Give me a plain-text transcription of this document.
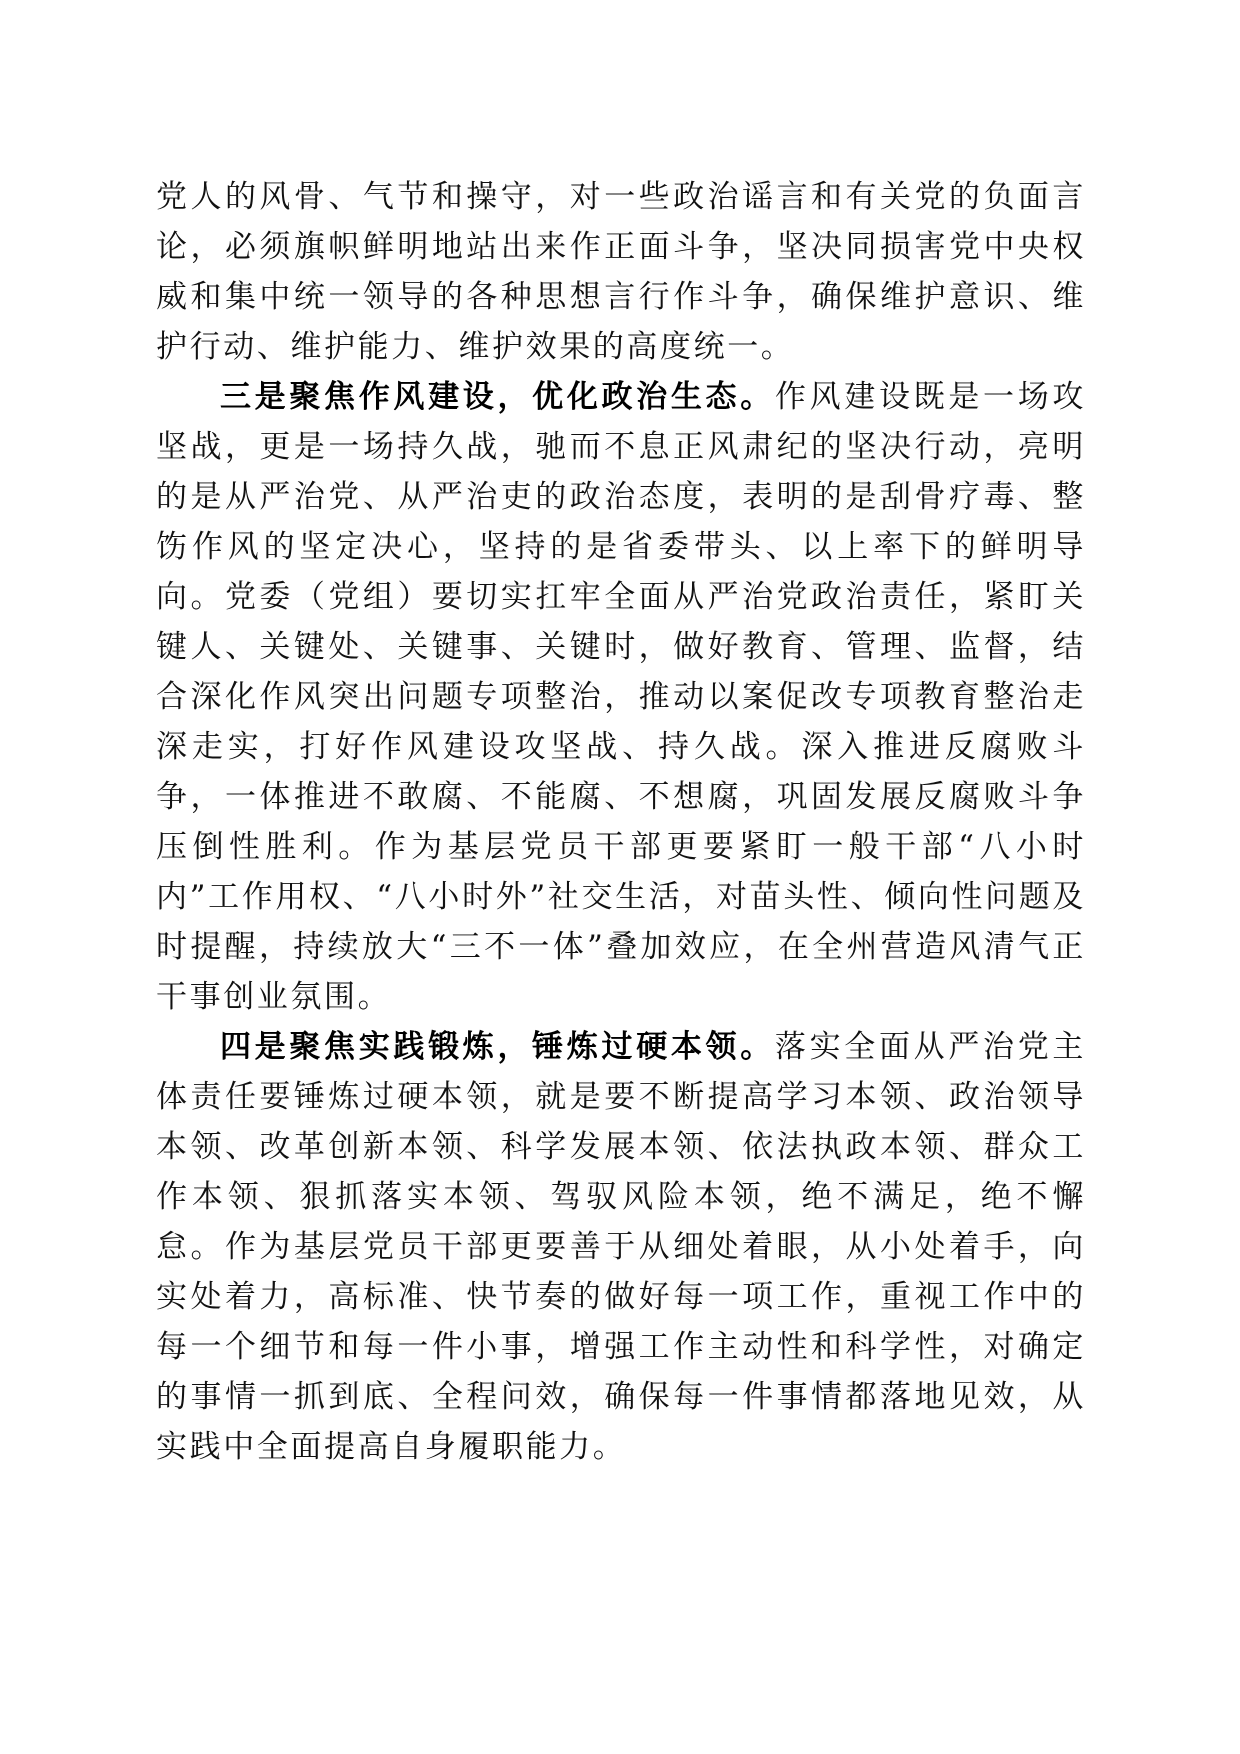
党人的风骨、气节和操守，对一些政治谣言和有关党的负面言论，必须旗帜鲜明地站出来作正面斗争，坚决同损害党中央权威和集中统一领导的各种思想言行作斗争，确保维护意识、维护行动、维护能力、维护效果的高度统一。

三是聚焦作风建设，优化政治生态。作风建设既是一场攻坚战，更是一场持久战，驰而不息正风肃纪的坚决行动，亮明的是从严治党、从严治吏的政治态度，表明的是刮骨疗毒、整饬作风的坚定决心，坚持的是省委带头、以上率下的鲜明导向。党委（党组）要切实扛牢全面从严治党政治责任，紧盯关键人、关键处、关键事、关键时，做好教育、管理、监督，结合深化作风突出问题专项整治，推动以案促改专项教育整治走深走实，打好作风建设攻坚战、持久战。深入推进反腐败斗争，一体推进不敢腐、不能腐、不想腐，巩固发展反腐败斗争压倒性胜利。作为基层党员干部更要紧盯一般干部“八小时内”工作用权、“八小时外”社交生活，对苗头性、倾向性问题及时提醒，持续放大“三不一体”叠加效应，在全州营造风清气正干事创业氛围。

四是聚焦实践锻炼，锤炼过硬本领。落实全面从严治党主体责任要锤炼过硬本领，就是要不断提高学习本领、政治领导本领、改革创新本领、科学发展本领、依法执政本领、群众工作本领、狠抓落实本领、驾驭风险本领，绝不满足，绝不懈怠。作为基层党员干部更要善于从细处着眼，从小处着手，向实处着力，高标准、快节奏的做好每一项工作，重视工作中的每一个细节和每一件小事，增强工作主动性和科学性，对确定的事情一抓到底、全程问效，确保每一件事情都落地见效，从实践中全面提高自身履职能力。
